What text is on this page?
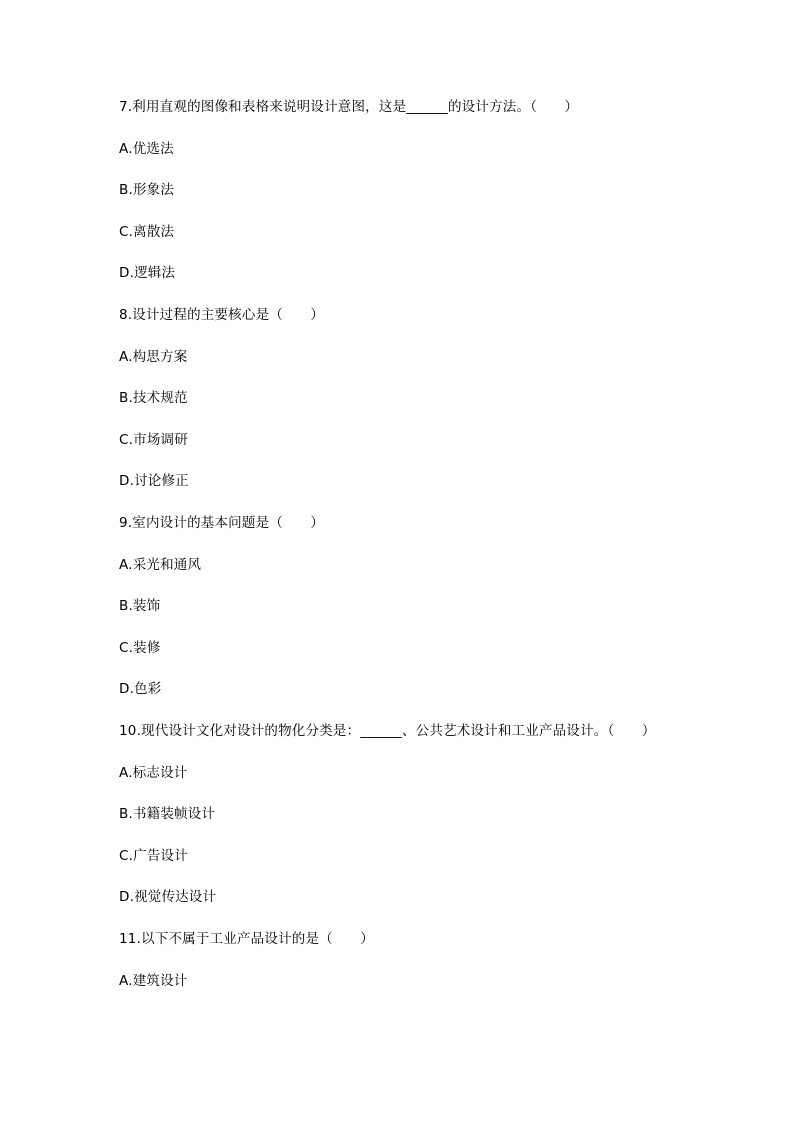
7.利用直观的图像和表格来说明设计意图，这是______的设计方法。（　　）
A.优选法
B.形象法
C.离散法
D.逻辑法
8.设计过程的主要核心是（　　）
A.构思方案
B.技术规范
C.市场调研
D.讨论修正
9.室内设计的基本问题是（　　）
A.采光和通风
B.装饰
C.装修
D.色彩
10.现代设计文化对设计的物化分类是：______、公共艺术设计和工业产品设计。（　　）
A.标志设计
B.书籍装帧设计
C.广告设计
D.视觉传达设计
11.以下不属于工业产品设计的是（　　）
A.建筑设计
